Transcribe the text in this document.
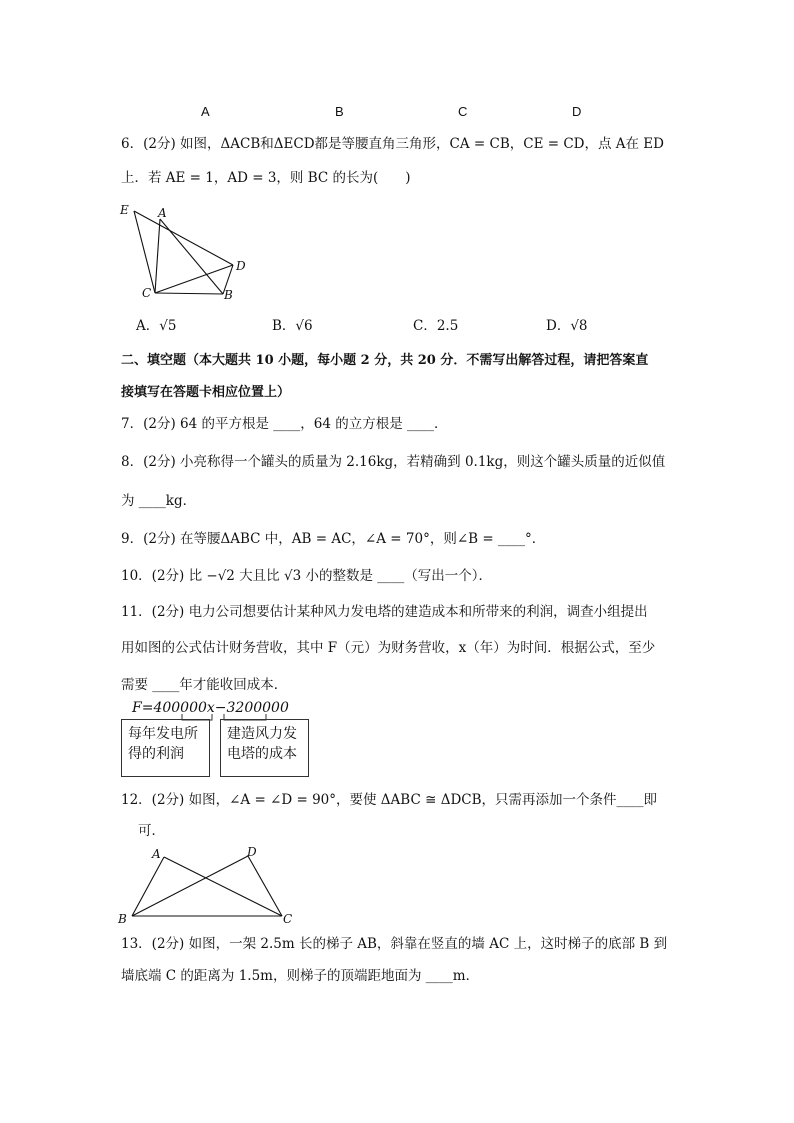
A	B	C	D
6．(2分) 如图，ΔACB和ΔECD都是等腰直角三角形，CA = CB，CE = CD，点 A在 ED
上．若 AE = 1，AD = 3，则 BC 的长为(　　)
E A
D
C	B
A．√5	B．√6	C．2.5	D．√8
二、填空题（本大题共 10 小题，每小题 2 分，共 20 分．不需写出解答过程，请把答案直
接填写在答题卡相应位置上）
7．(2分) 64 的平方根是 ____，64 的立方根是 ____．
8．(2分) 小亮称得一个罐头的质量为 2.16kg，若精确到 0.1kg，则这个罐头质量的近似值
为 ____kg．
9．(2分) 在等腰ΔABC 中，AB = AC，∠A = 70°，则∠B = ____°．
10．(2分) 比 −√2 大且比 √3 小的整数是 ____（写出一个）．
11．(2分) 电力公司想要估计某种风力发电塔的建造成本和所带来的利润，调查小组提出
用如图的公式估计财务营收，其中 F（元）为财务营收，x（年）为时间．根据公式，至少
需要 ____年才能收回成本．
F=400000x−3200000
每年发电所
得的利润
建造风力发
电塔的成本
12．(2分) 如图，∠A = ∠D = 90°，要使 ΔABC ≅ ΔDCB，只需再添加一个条件____即
可．
A	D
B	C
13．(2分) 如图，一架 2.5m 长的梯子 AB，斜靠在竖直的墙 AC 上，这时梯子的底部 B 到
墙底端 C 的距离为 1.5m，则梯子的顶端距地面为 ____m．
